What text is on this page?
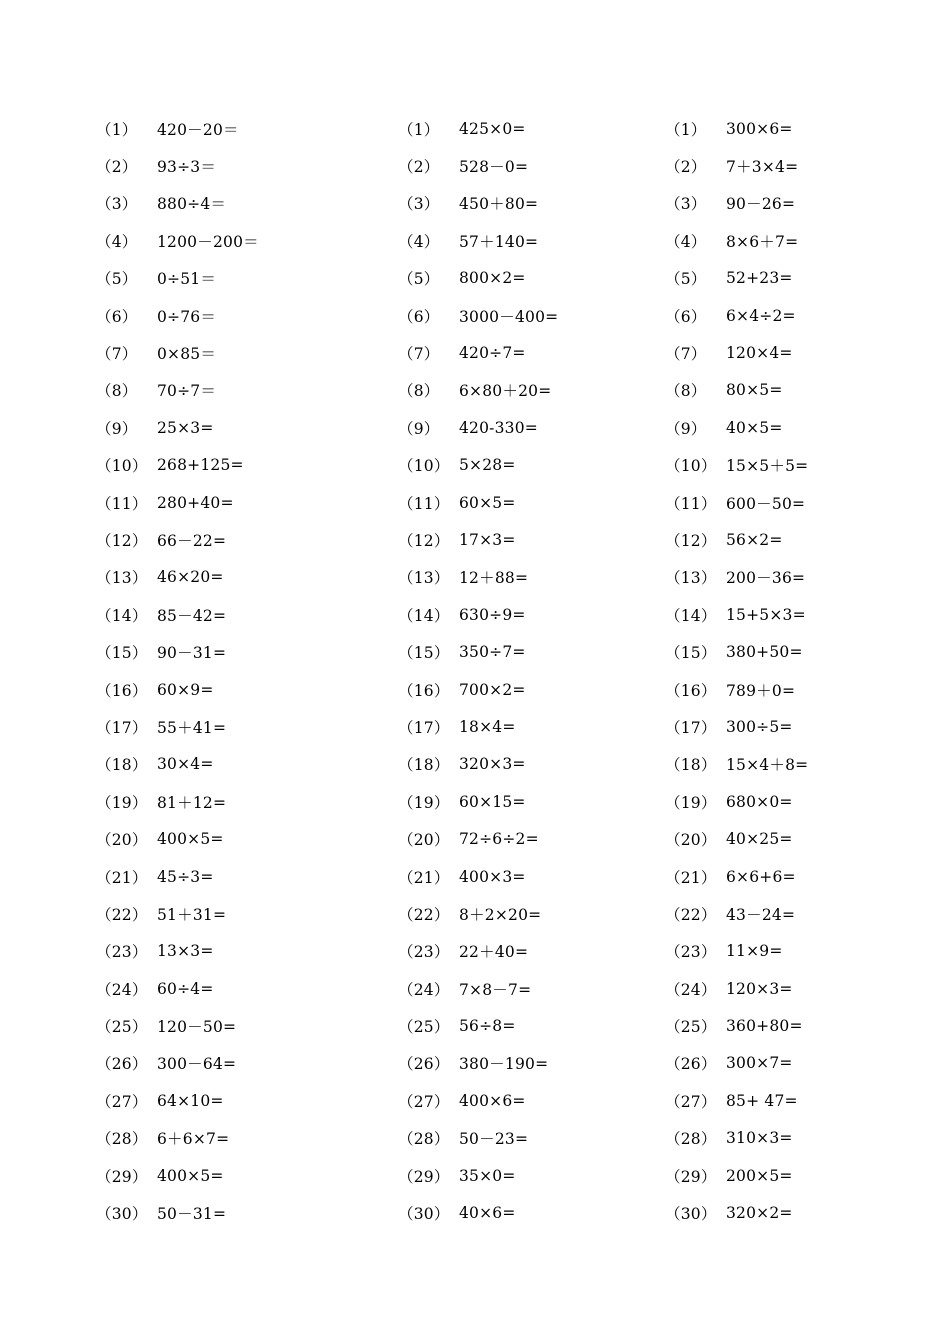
（1）	420－20＝
（2）	93÷3＝
（3）	880÷4＝
（4）	1200－200＝
（5）	0÷51＝
（6）	0÷76＝
（7）	0×85＝
（8）	70÷7＝
（9）	25×3=
（10） 268+125=
（11） 280+40=
（12） 66－22=
（13） 46×20=
（14） 85－42=
（15） 90－31=
（16） 60×9=
（17） 55＋41=
（18） 30×4=
（19） 81＋12=
（20） 400×5=
（21） 45÷3=
（22） 51＋31=
（23） 13×3=
（24） 60÷4=
（25） 120－50=
（26） 300－64=
（27） 64×10=
（28） 6＋6×7=
（29） 400×5=
（30） 50－31=
（1）	425×0=
（2）	528－0=
（3）	450＋80=
（4）	57＋140=
（5）	800×2=
（6）	3000－400=
（7）	420÷7=
（8）	6×80＋20=
（9）	420-330=
（10） 5×28=
（11） 60×5=
（12） 17×3=
（13） 12＋88=
（14） 630÷9=
（15） 350÷7=
（16） 700×2=
（17） 18×4=
（18） 320×3=
（19） 60×15=
（20） 72÷6÷2=
（21） 400×3=
（22） 8＋2×20=
（23） 22＋40=
（24） 7×8－7=
（25） 56÷8=
（26） 380－190=
（27） 400×6=
（28） 50－23=
（29） 35×0=
（30） 40×6=
（1）	300×6=
（2）	7＋3×4=
（3）	90－26=
（4）	8×6＋7=
（5）	52+23=
（6）	6×4÷2=
（7）	120×4=
（8）	80×5=
（9）	40×5=
（10） 15×5＋5=
（11） 600－50=
（12） 56×2=
（13） 200－36=
（14） 15+5×3=
（15） 380+50=
（16） 789＋0=
（17） 300÷5=
（18） 15×4＋8=
（19） 680×0=
（20） 40×25=
（21） 6×6+6=
（22） 43－24=
（23） 11×9=
（24） 120×3=
（25） 360+80=
（26） 300×7=
（27） 85+ 47=
（28） 310×3=
（29） 200×5=
（30） 320×2=
